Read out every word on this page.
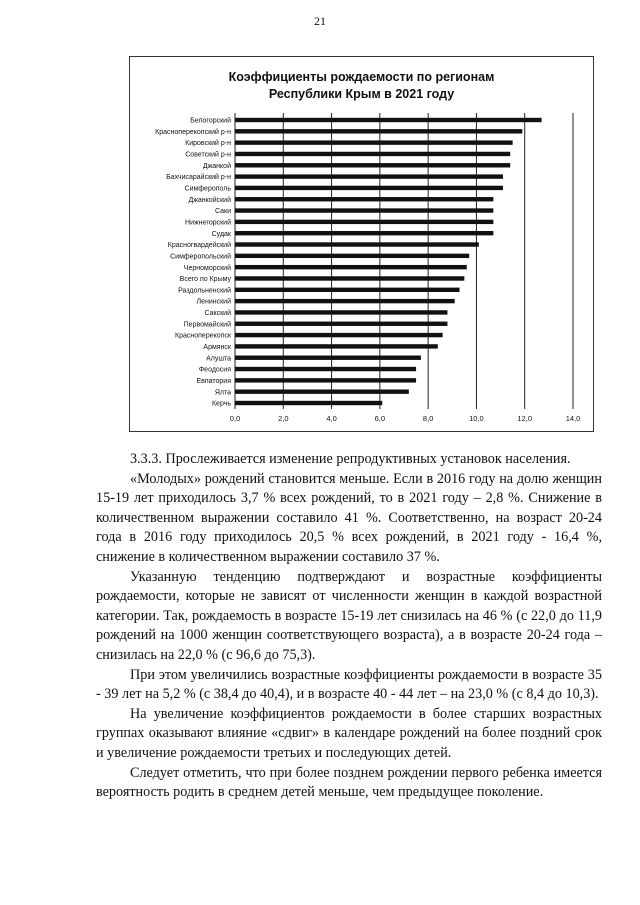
21
Коэффициенты рождаемости по регионам
Республики Крым в 2021 году
0,0	2,0	4,0	6,0	8,0	10,0	12,0	14,0
Белогорский
Красноперекопский р-н
Кировский р-н
Советский р-н
Джанкой
Бахчисарайский р-н
Симферополь
Джанкойский
Саки
Нижнегорский
Судак
Красногвардейский
Симферопольский
Черноморский
Всего по Крыму
Раздольненский
Ленинский
Сакский
Первомайский
Красноперекопск
Армянск
Алушта
Феодосия
Евпатория
Ялта
Керчь

3.3.3. Прослеживается изменение репродуктивных установок населения.

«Молодых» рождений становится меньше. Если в 2016 году на долю женщин 15-19 лет приходилось 3,7 % всех рождений, то в 2021 году – 2,8 %. Снижение в количественном выражении составило 41 %. Соответственно, на возраст 20-24 года в 2016 году приходилось 20,5 % всех рождений, в 2021 году - 16,4 %, снижение в количественном выражении составило 37 %.

Указанную тенденцию подтверждают и возрастные коэффициенты рождаемости, которые не зависят от численности женщин в каждой возрастной категории. Так, рождаемость в возрасте 15-19 лет снизилась на 46 % (с 22,0 до 11,9 рождений на 1000 женщин соответствующего возраста), а в возрасте 20-24 года – снизилась на 22,0 % (с 96,6 до 75,3).

При этом увеличились возрастные коэффициенты рождаемости в возрасте 35 - 39 лет на 5,2 % (с 38,4 до 40,4), и в возрасте 40 - 44 лет – на 23,0 % (с 8,4 до 10,3).

На увеличение коэффициентов рождаемости в более старших возрастных группах оказывают влияние «сдвиг» в календаре рождений на более поздний срок и увеличение рождаемости третьих и последующих детей.

Следует отметить, что при более позднем рождении первого ребенка имеется вероятность родить в среднем детей меньше, чем предыдущее поколение.
